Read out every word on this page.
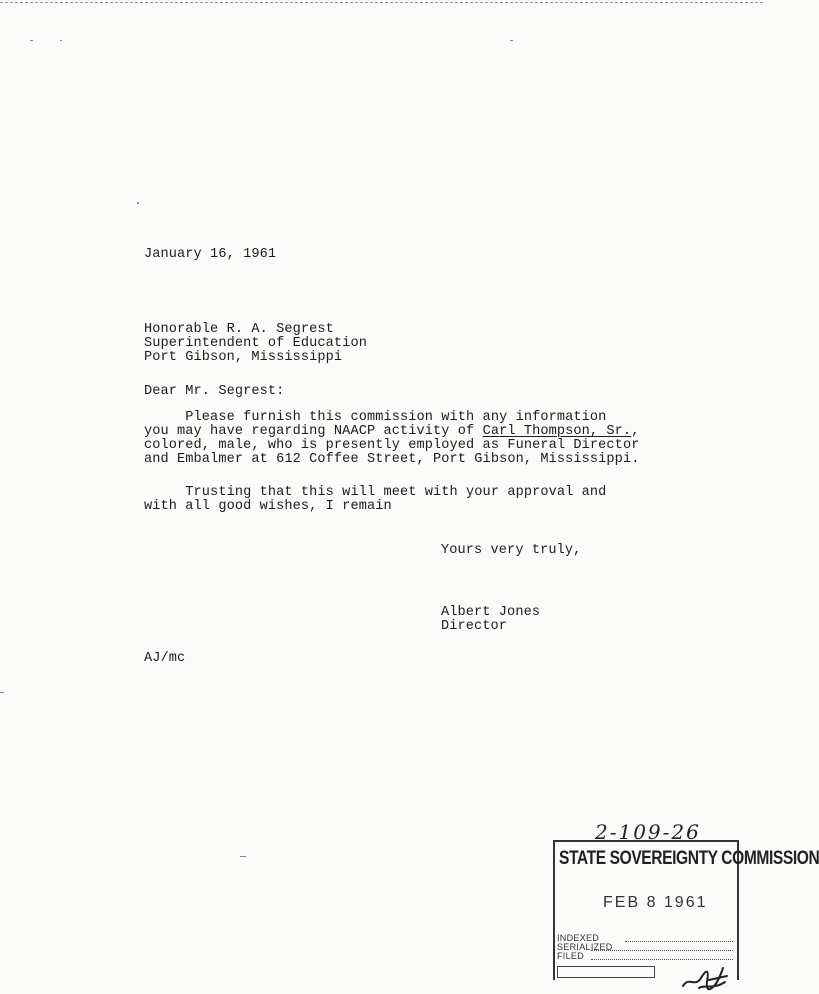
January 16, 1961
Honorable R. A. Segrest
Superintendent of Education
Port Gibson, Mississippi
Dear Mr. Segrest:
Please furnish this commission with any information
you may have regarding NAACP activity of Carl Thompson, Sr.,
colored, male, who is presently employed as Funeral Director
and Embalmer at 612 Coffee Street, Port Gibson, Mississippi.
Trusting that this will meet with your approval and
with all good wishes, I remain
Yours very truly,
Albert Jones
Director
AJ/mc
2-109-26
STATE SOVEREIGNTY COMMISSION
FEB 8 1961
INDEXED
SERIALIZED
FILED
